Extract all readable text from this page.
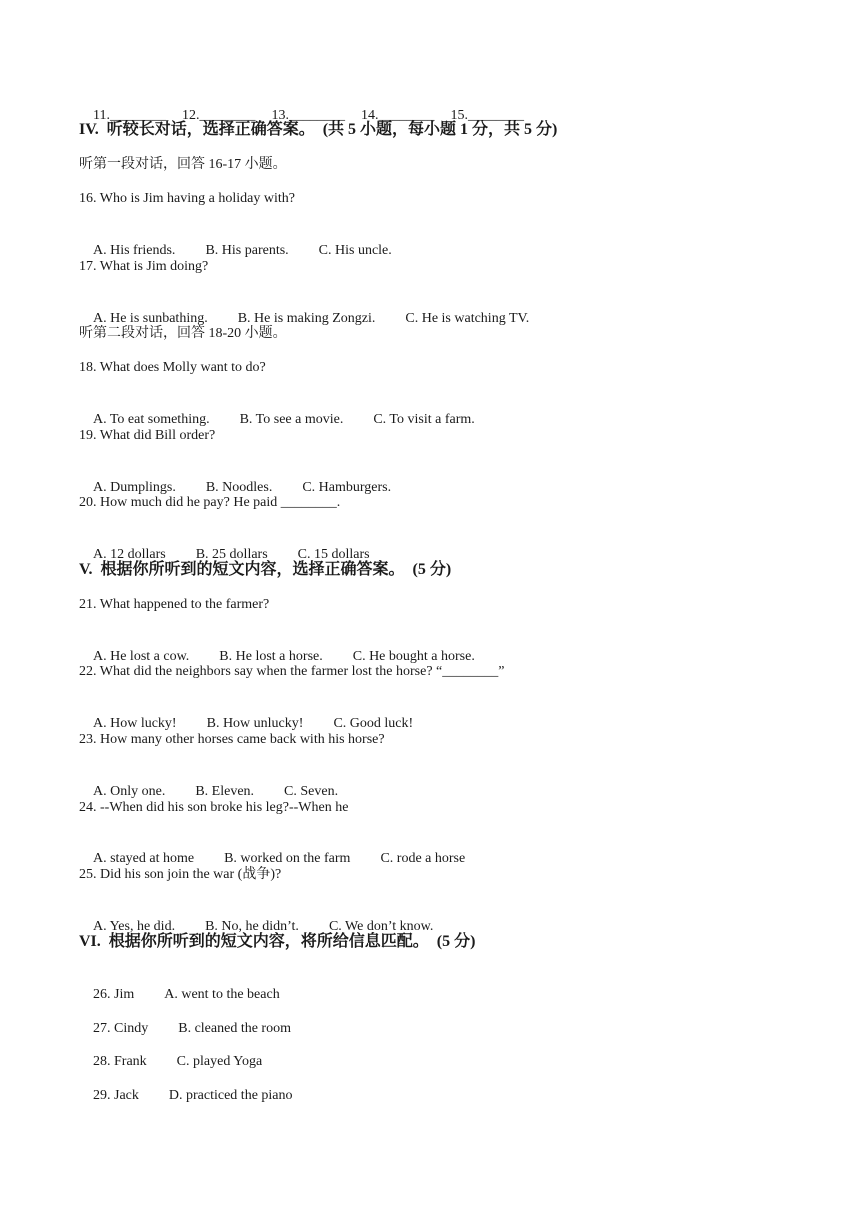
11.________ 12.________ 13.________ 14.________ 15.________

IV.  听较长对话，选择正确答案。  (共 5 小题，每小题 1 分，共 5 分)
听第一段对话，回答 16-17 小题。
16. Who is Jim having a holiday with?

A. His friends. B. His parents. C. His uncle.

17. What is Jim doing?

A. He is sunbathing. B. He is making Zongzi. C. He is watching TV.

听第二段对话，回答 18-20 小题。
18. What does Molly want to do?

A. To eat something. B. To see a movie. C. To visit a farm.

19. What did Bill order?

A. Dumplings. B. Noodles. C. Hamburgers.

20. How much did he pay? He paid ________.

A. 12 dollars B. 25 dollars C. 15 dollars

V.  根据你所听到的短文内容，选择正确答案。  (5 分)
21. What happened to the farmer?

A. He lost a cow. B. He lost a horse. C. He bought a horse.

22. What did the neighbors say when the farmer lost the horse? “________”

A. How lucky! B. How unlucky! C. Good luck!

23. How many other horses came back with his horse?

A. Only one. B. Eleven. C. Seven.

24. --When did his son broke his leg?--When he

A. stayed at home B. worked on the farm C. rode a horse

25. Did his son join the war (战争)?

A. Yes, he did. B. No, he didn’t. C. We don’t know.

VI.  根据你所听到的短文内容，将所给信息匹配。  (5 分)

26. Jim A. went to the beach

27. Cindy B. cleaned the room

28. Frank C. played Yoga

29. Jack D. practiced the piano
